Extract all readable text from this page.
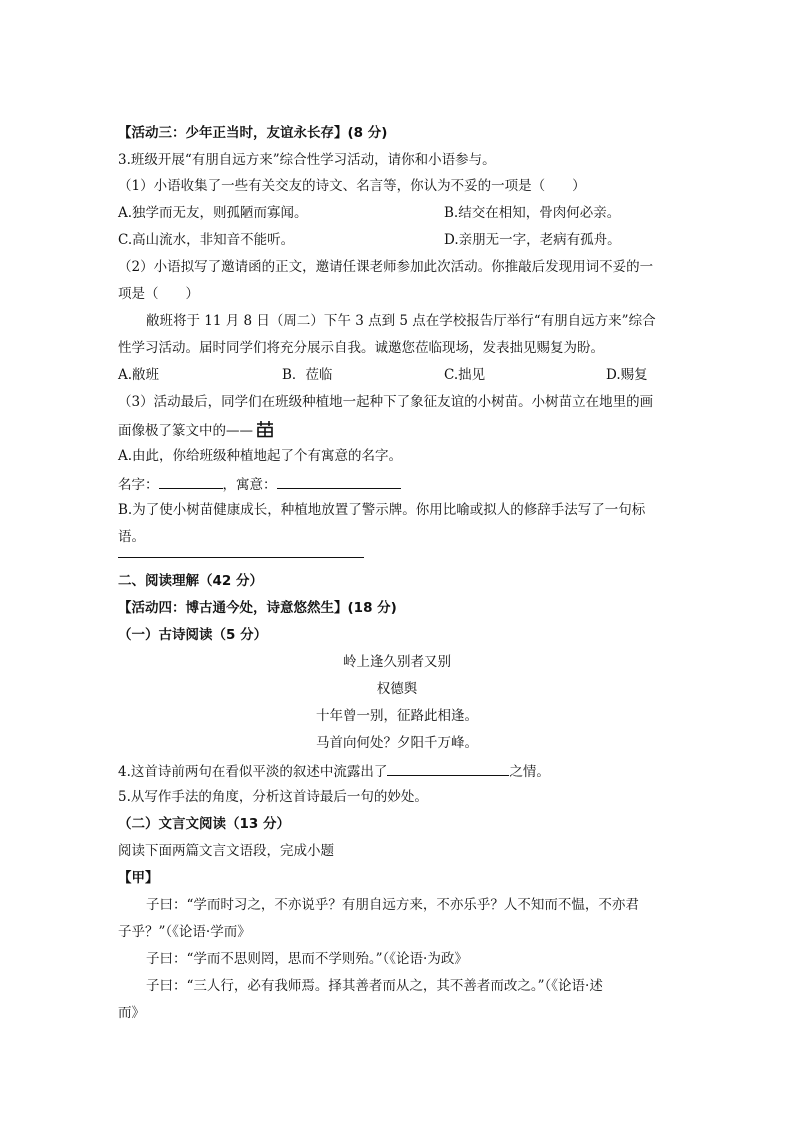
【活动三：少年正当时，友谊永长存】(8 分)
3.班级开展“有朋自远方来”综合性学习活动，请你和小语参与。
（1）小语收集了一些有关交友的诗文、名言等，你认为不妥的一项是（　　）
A.独学而无友，则孤陋而寡闻。	B.结交在相知，骨肉何必亲。
C.高山流水，非知音不能听。	D.亲朋无一字，老病有孤舟。
（2）小语拟写了邀请函的正文，邀请任课老师参加此次活动。你推敲后发现用词不妥的一
项是（　　）
敝班将于 11 月 8 日（周二）下午 3 点到 5 点在学校报告厅举行“有朋自远方来”综合
性学习活动。届时同学们将充分展示自我。诚邀您莅临现场，发表拙见赐复为盼。
A.敝班	B．莅临	C.拙见	D.赐复
（3）活动最后，同学们在班级种植地一起种下了象征友谊的小树苗。小树苗立在地里的画
面像极了篆文中的——
A.由此，你给班级种植地起了个有寓意的名字。
名字：	，寓意：
B.为了使小树苗健康成长，种植地放置了警示牌。你用比喻或拟人的修辞手法写了一句标
语。
二、阅读理解（42 分）
【活动四：博古通今处，诗意悠然生】(18 分)
（一）古诗阅读（5 分）
岭上逢久别者又别
权德舆
十年曾一别，征路此相逢。
马首向何处？夕阳千万峰。
4.这首诗前两句在看似平淡的叙述中流露出了	之情。
5.从写作手法的角度，分析这首诗最后一句的妙处。
（二）文言文阅读（13 分）
阅读下面两篇文言文语段，完成小题
【甲】
子曰：“学而时习之，不亦说乎？有朋自远方来，不亦乐乎？人不知而不愠，不亦君
子乎？”（《论语·学而》
子曰：“学而不思则罔，思而不学则殆。”（《论语·为政》
子曰：“三人行，必有我师焉。择其善者而从之，其不善者而改之。”（《论语·述
而》
